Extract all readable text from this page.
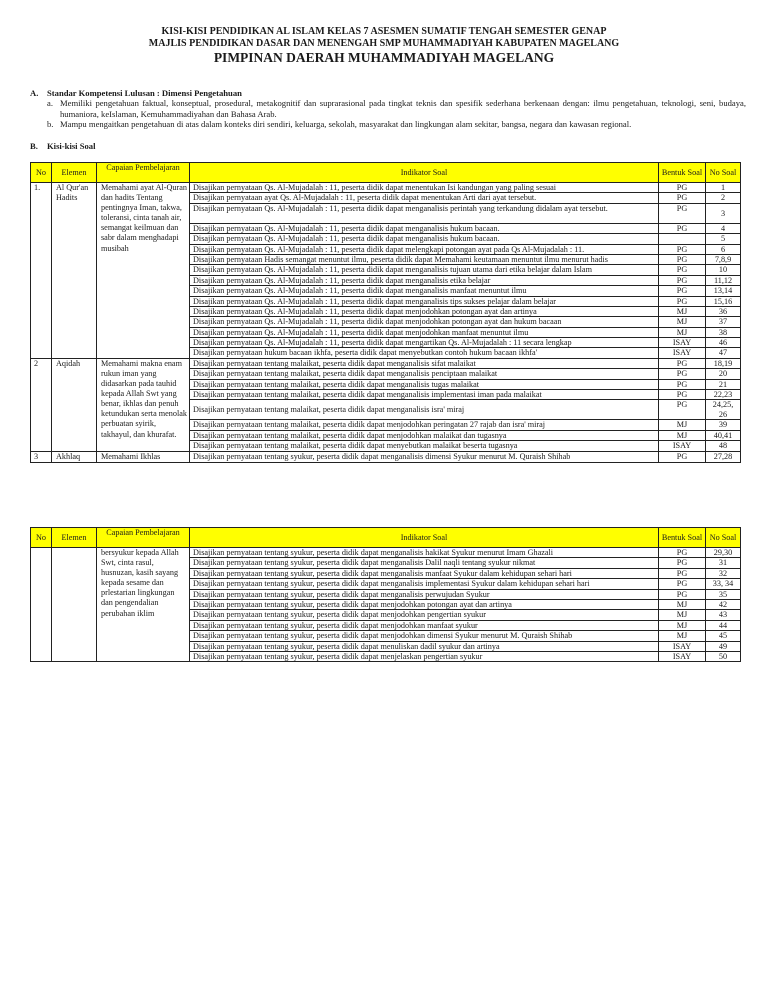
KISI-KISI PENDIDIKAN AL ISLAM KELAS 7 ASESMEN SUMATIF TENGAH SEMESTER GENAP
MAJLIS PENDIDIKAN DASAR DAN MENENGAH SMP MUHAMMADIYAH KABUPATEN MAGELANG
PIMPINAN DAERAH MUHAMMADIYAH MAGELANG
A. Standar Kompetensi Lulusan : Dimensi Pengetahuan
a. Memiliki pengetahuan faktual, konseptual, prosedural, metakognitif dan suprarasional pada tingkat teknis dan spesifik sederhana berkenaan dengan: ilmu pengetahuan, teknologi, seni, budaya, humaniora, keIslaman, Kemuhammadiyahan dan Bahasa Arab.
b. Mampu mengaitkan pengetahuan di atas dalam konteks diri sendiri, keluarga, sekolah, masyarakat dan lingkungan alam sekitar, bangsa, negara dan kawasan regional.
B. Kisi-kisi Soal
No	Elemen	Capaian Pembelajaran	Indikator Soal	Bentuk Soal	No Soal
1.	Al Qur'an Hadits	Memahami ayat Al-Quran dan hadits Tentang pentingnya Iman, takwa, toleransi, cinta tanah air, semangat keilmuan dan sabr dalam menghadapi musibah	Disajikan pernyataan Qs. Al-Mujadalah : 11, peserta didik dapat menentukan Isi kandungan yang paling sesuai	PG	1
			Disajikan pernyataan ayat Qs. Al-Mujadalah : 11, peserta didik dapat menentukan Arti dari ayat tersebut.	PG	2
			Disajikan pernyataan Qs. Al-Mujadalah : 11, peserta didik dapat menganalisis perintah yang terkandung didalam ayat tersebut.	PG	3
			Disajikan pernyataan Qs. Al-Mujadalah : 11, peserta didik dapat menganalisis hukum bacaan.	PG	4
			Disajikan pernyataan Qs. Al-Mujadalah : 11, peserta didik dapat menganalisis hukum bacaan.		5
			Disajikan pernyataan Qs. Al-Mujadalah : 11, peserta didik dapat melengkapi potongan ayat pada Qs Al-Mujadalah : 11.	PG	6
			Disajikan pernyataan Hadis semangat menuntut ilmu, peserta didik dapat Memahami keutamaan menuntut ilmu menurut hadis	PG	7,8,9
			Disajikan pernyataan Qs. Al-Mujadalah : 11, peserta didik dapat menganalisis tujuan utama dari etika belajar dalam Islam	PG	10
			Disajikan pernyataan Qs. Al-Mujadalah : 11, peserta didik dapat menganalisis etika belajar	PG	11,12
			Disajikan pernyataan Qs. Al-Mujadalah : 11, peserta didik dapat menganalisis manfaat menuntut ilmu	PG	13,14
			Disajikan pernyataan Qs. Al-Mujadalah : 11, peserta didik dapat menganalisis tips sukses pelajar dalam belajar	PG	15,16
			Disajikan pernyataan Qs. Al-Mujadalah : 11, peserta didik dapat menjodohkan potongan ayat dan artinya	MJ	36
			Disajikan pernyataan Qs. Al-Mujadalah : 11, peserta didik dapat menjodohkan potongan ayat dan hukum bacaan	MJ	37
			Disajikan pernyataan Qs. Al-Mujadalah : 11, peserta didik dapat menjodohkan manfaat menuntut ilmu	MJ	38
			Disajikan pernyataan Qs. Al-Mujadalah : 11, peserta didik dapat mengartikan Qs. Al-Mujadalah : 11 secara lengkap	ISAY	46
			Disajikan pernyataan hukum bacaan ikhfa, peserta didik dapat menyebutkan contoh hukum bacaan ikhfa'	ISAY	47
2	Aqidah	Memahami makna enam rukun iman yang didasarkan pada tauhid kepada Allah Swt yang benar, ikhlas dan penuh ketundukan serta menolak perbuatan syirik, takhayul, dan khurafat.	Disajikan pernyataan tentang malaikat, peserta didik dapat menganalisis sifat malaikat	PG	18,19
			Disajikan pernyataan tentang malaikat, peserta didik dapat menganalisis penciptaan malaikat	PG	20
			Disajikan pernyataan tentang malaikat, peserta didik dapat menganalisis tugas malaikat	PG	21
			Disajikan pernyataan tentang malaikat, peserta didik dapat menganalisis implementasi iman pada malaikat	PG	22,23
			Disajikan pernyataan tentang malaikat, peserta didik dapat menganalisis isra' miraj	PG	24,25, 26
			Disajikan pernyataan tentang malaikat, peserta didik dapat menjodohkan peringatan 27 rajab dan isra' miraj	MJ	39
			Disajikan pernyataan tentang malaikat, peserta didik dapat menjodohkan malaikat dan tugasnya	MJ	40,41
			Disajikan pernyataan tentang malaikat, peserta didik dapat menyebutkan malaikat beserta tugasnya	ISAY	48
3	Akhlaq	Memahami Ikhlas	Disajikan pernyataan tentang syukur, peserta didik dapat menganalisis dimensi Syukur menurut M. Quraish Shihab	PG	27,28
No	Elemen	Capaian Pembelajaran	Indikator Soal	Bentuk Soal	No Soal
		bersyukur kepada Allah Swt, cinta rasul, husnuzan, kasih sayang kepada sesame dan prlestarian lingkungan dan pengendalian perubahan iklim	Disajikan pernyataan tentang syukur, peserta didik dapat menganalisis hakikat Syukur menurut Imam Ghazali	PG	29,30
			Disajikan pernyataan tentang syukur, peserta didik dapat menganalisis Dalil naqli tentang syukur nikmat	PG	31
			Disajikan pernyataan tentang syukur, peserta didik dapat menganalisis manfaat Syukur dalam kehidupan sehari hari	PG	32
			Disajikan pernyataan tentang syukur, peserta didik dapat menganalisis implementasi Syukur dalam kehidupan sehari hari	PG	33, 34
			Disajikan pernyataan tentang syukur, peserta didik dapat menganalisis perwujudan Syukur	PG	35
			Disajikan pernyataan tentang syukur, peserta didik dapat menjodohkan potongan ayat dan artinya	MJ	42
			Disajikan pernyataan tentang syukur, peserta didik dapat menjodohkan pengertian syukur	MJ	43
			Disajikan pernyataan tentang syukur, peserta didik dapat menjodohkan manfaat syukur	MJ	44
			Disajikan pernyataan tentang syukur, peserta didik dapat menjodohkan dimensi Syukur menurut M. Quraish Shihab	MJ	45
			Disajikan pernyataan tentang syukur, peserta didik dapat menuliskan dadil syukur dan artinya	ISAY	49
			Disajikan pernyataan tentang syukur, peserta didik dapat menjelaskan pengertian syukur	ISAY	50
